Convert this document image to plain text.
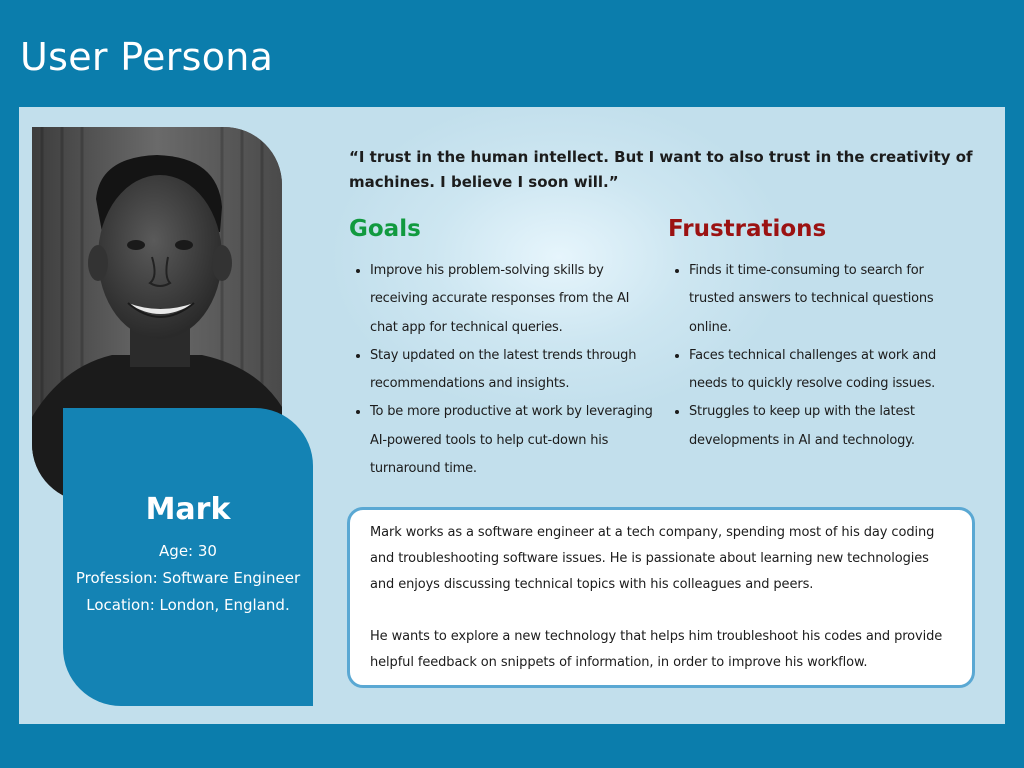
User Persona
Mark
Age: 30
Profession: Software Engineer
Location: London, England.

“I trust in the human intellect. But I want to also trust in the creativity of machines. I believe I soon will.”

Goals
Improve his problem-solving skills by receiving accurate responses from the AI chat app for technical queries.
Stay updated on the latest trends through recommendations and insights.
To be more productive at work by leveraging AI-powered tools to help cut-down his turnaround time.
Frustrations
Finds it time-consuming to search for trusted answers to technical questions online.
Faces technical challenges at work and needs to quickly resolve coding issues.
Struggles to keep up with the latest developments in AI and technology.

Mark works as a software engineer at a tech company, spending most of his day coding and troubleshooting software issues. He is passionate about learning new technologies and enjoys discussing technical topics with his colleagues and peers.

He wants to explore a new technology that helps him troubleshoot his codes and provide helpful feedback on snippets of information, in order to improve his workflow.
